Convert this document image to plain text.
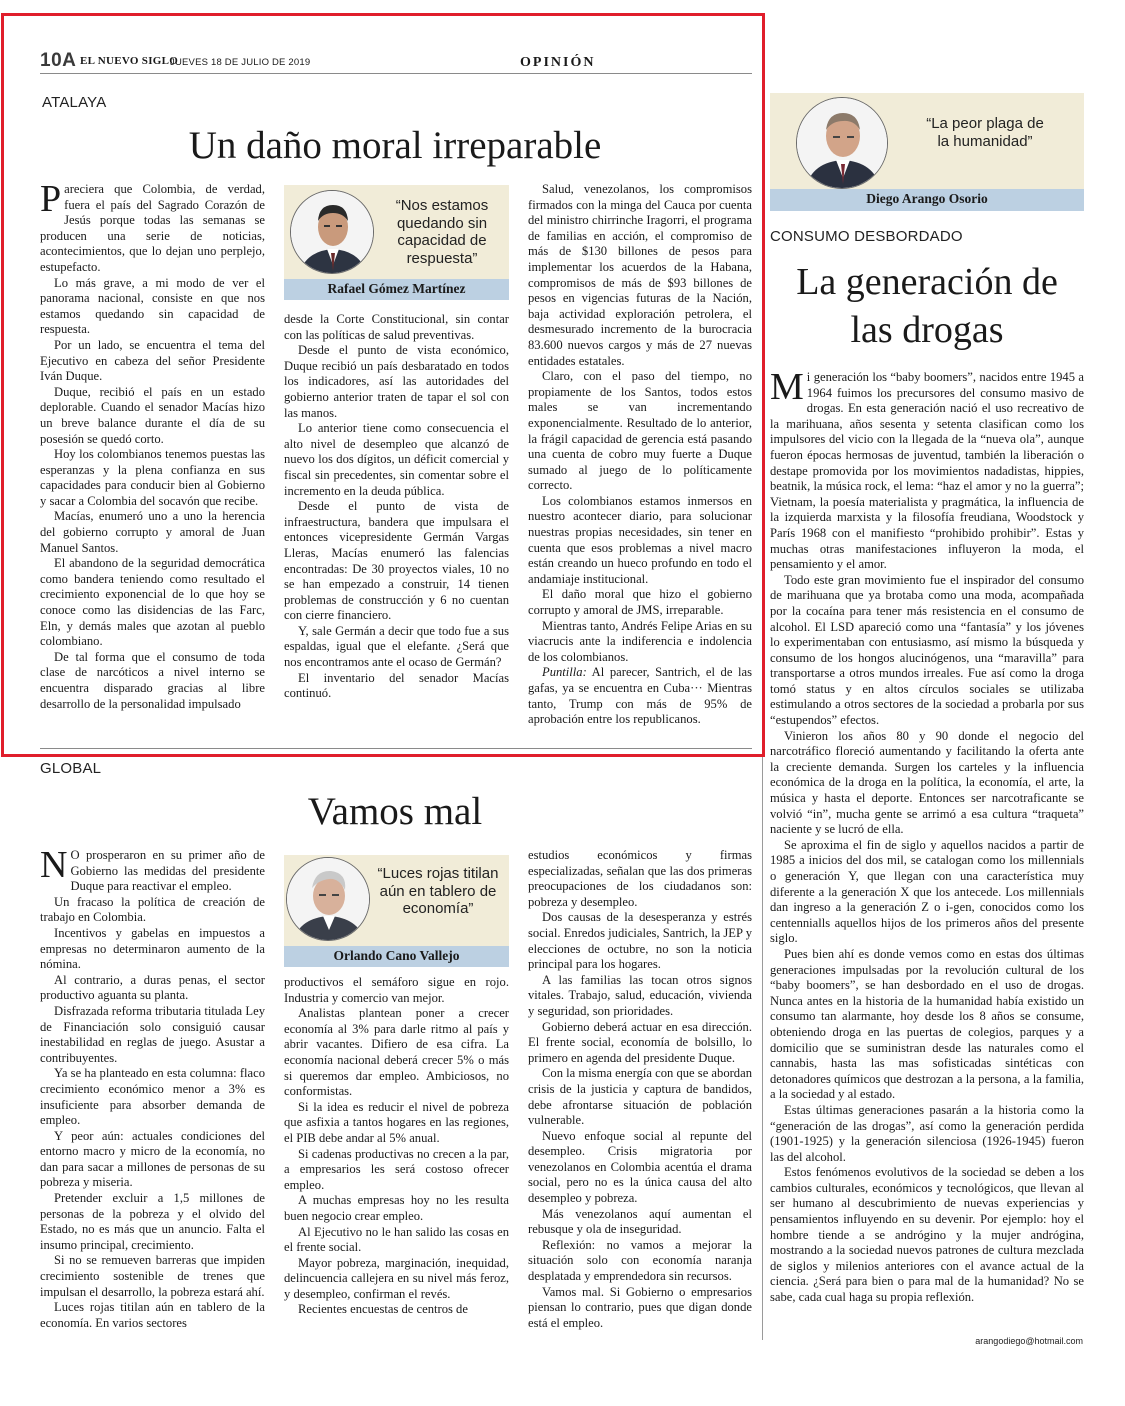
10A EL NUEVO SIGLO
JUEVES 18 DE JULIO DE 2019	OPINIÓN
ATALAYA
Un daño moral irreparable

Pareciera que Colombia, de verdad, fuera el país del Sagrado Corazón de Jesús porque todas las semanas se producen una serie de noticias, acontecimientos, que lo dejan uno perplejo, estupefacto.

Lo más grave, a mi modo de ver el panorama nacional, consiste en que nos estamos quedando sin capacidad de respuesta.

Por un lado, se encuentra el tema del Ejecutivo en cabeza del señor Presidente Iván Duque.

Duque, recibió el país en un estado deplorable. Cuando el senador Macías hizo un breve balance durante el día de su posesión se quedó corto.

Hoy los colombianos tenemos puestas las esperanzas y la plena confianza en sus capacidades para conducir bien al Gobierno y sacar a Colombia del socavón que recibe.

Macías, enumeró uno a uno la herencia del gobierno corrupto y amoral de Juan Manuel Santos.

El abandono de la seguridad democrática como bandera teniendo como resultado el crecimiento exponencial de lo que hoy se conoce como las disidencias de las Farc, Eln, y demás males que azotan al pueblo colombiano.

De tal forma que el consumo de toda clase de narcóticos a nivel interno se encuentra disparado gracias al libre desarrollo de la personalidad impulsado

“Nos estamos quedando sin capacidad de respuesta”
Rafael Gómez Martínez

desde la Corte Constitucional, sin contar con las políticas de salud preventivas.

Desde el punto de vista económico, Duque recibió un país desbaratado en todos los indicadores, así las autoridades del gobierno anterior traten de tapar el sol con las manos.

Lo anterior tiene como consecuencia el alto nivel de desempleo que alcanzó de nuevo los dos dígitos, un déficit comercial y fiscal sin precedentes, sin comentar sobre el incremento en la deuda pública.

Desde el punto de vista de infraestructura, bandera que impulsara el entonces vicepresidente Germán Vargas Lleras, Macías enumeró las falencias encontradas: De 30 proyectos viales, 10 no se han empezado a construir, 14 tienen problemas de construcción y 6 no cuentan con cierre financiero.

Y, sale Germán a decir que todo fue a sus espaldas, igual que el elefante. ¿Será que nos encontramos ante el ocaso de Germán?

El inventario del senador Macías continuó.

Salud, venezolanos, los compromisos firmados con la minga del Cauca por cuenta del ministro chirrinche Iragorri, el programa de familias en acción, el compromiso de más de $130 billones de pesos para implementar los acuerdos de la Habana, compromisos de más de $93 billones de pesos en vigencias futuras de la Nación, baja actividad exploración petrolera, el desmesurado incremento de la burocracia 83.600 nuevos cargos y más de 27 nuevas entidades estatales.

Claro, con el paso del tiempo, no propiamente de los Santos, todos estos males se van incrementando exponencialmente. Resultado de lo anterior, la frágil capacidad de gerencia está pasando una cuenta de cobro muy fuerte a Duque sumado al juego de lo políticamente correcto.

Los colombianos estamos inmersos en nuestro acontecer diario, para solucionar nuestras propias necesidades, sin tener en cuenta que esos problemas a nivel macro están creando un hueco profundo en todo el andamiaje institucional.

El daño moral que hizo el gobierno corrupto y amoral de JMS, irreparable.

Mientras tanto, Andrés Felipe Arias en su viacrucis ante la indiferencia e indolencia de los colombianos.

Puntilla: Al parecer, Santrich, el de las gafas, ya se encuentra en Cuba··· Mientras tanto, Trump con más de 95% de aprobación entre los republicanos.

GLOBAL
Vamos mal

N O prosperaron en su primer año de Gobierno las medidas del presidente Duque para reactivar el empleo.

Un fracaso la política de creación de trabajo en Colombia.

Incentivos y gabelas en impuestos a empresas no determinaron aumento de la nómina.

Al contrario, a duras penas, el sector productivo aguanta su planta.

Disfrazada reforma tributaria titulada Ley de Financiación solo consiguió causar inestabilidad en reglas de juego. Asustar a contribuyentes.

Ya se ha planteado en esta columna: flaco crecimiento económico menor a 3% es insuficiente para absorber demanda de empleo.

Y peor aún: actuales condiciones del entorno macro y micro de la economía, no dan para sacar a millones de personas de su pobreza y miseria.

Pretender excluir a 1,5 millones de personas de la pobreza y el olvido del Estado, no es más que un anuncio. Falta el insumo principal, crecimiento.

Si no se remueven barreras que impiden crecimiento sostenible de trenes que impulsan el desarrollo, la pobreza estará ahí.

Luces rojas titilan aún en tablero de la economía. En varios sectores

“Luces rojas titilan aún en tablero de economía”
Orlando Cano Vallejo

productivos el semáforo sigue en rojo. Industria y comercio van mejor.

Analistas plantean poner a crecer economía al 3% para darle ritmo al país y abrir vacantes. Difiero de esa cifra. La economía nacional deberá crecer 5% o más si queremos dar empleo. Ambiciosos, no conformistas.

Si la idea es reducir el nivel de pobreza que asfixia a tantos hogares en las regiones, el PIB debe andar al 5% anual.

Si cadenas productivas no crecen a la par, a empresarios les será costoso ofrecer empleo.

A muchas empresas hoy no les resulta buen negocio crear empleo.

Al Ejecutivo no le han salido las cosas en el frente social.

Mayor pobreza, marginación, inequidad, delincuencia callejera en su nivel más feroz, y desempleo, confirman el revés.

Recientes encuestas de centros de

estudios económicos y firmas especializadas, señalan que las dos primeras preocupaciones de los ciudadanos son: pobreza y desempleo.

Dos causas de la desesperanza y estrés social. Enredos judiciales, Santrich, la JEP y elecciones de octubre, no son la noticia principal para los hogares.

A las familias las tocan otros signos vitales. Trabajo, salud, educación, vivienda y seguridad, son prioridades.

Gobierno deberá actuar en esa dirección. El frente social, economía de bolsillo, lo primero en agenda del presidente Duque.

Con la misma energía con que se abordan crisis de la justicia y captura de bandidos, debe afrontarse situación de población vulnerable.

Nuevo enfoque social al repunte del desempleo. Crisis migratoria por venezolanos en Colombia acentúa el drama social, pero no es la única causa del alto desempleo y pobreza.

Más venezolanos aquí aumentan el rebusque y ola de inseguridad.

Reflexión: no vamos a mejorar la situación solo con economía naranja desplatada y emprendedora sin recursos.

Vamos mal. Si Gobierno o empresarios piensan lo contrario, pues que digan donde está el empleo.

“La peor plaga de la humanidad”
Diego Arango Osorio
CONSUMO DESBORDADO
La generación de las drogas

Mi generación los “baby boomers”, nacidos entre 1945 a 1964 fuimos los precursores del consumo masivo de drogas. En esta generación nació el uso recreativo de la marihuana, años sesenta y setenta clasifican como los impulsores del vicio con la llegada de la “nueva ola”, aunque fueron épocas hermosas de juventud, también la liberación o destape promovida por los movimientos nadadistas, hippies, beatnik, la música rock, el lema: “haz el amor y no la guerra”; Vietnam, la poesía materialista y pragmática, la influencia de la izquierda marxista y la filosofía freudiana, Woodstock y París 1968 con el manifiesto “prohibido prohibir”. Estas y muchas otras manifestaciones influyeron la moda, el pensamiento y el amor.

Todo este gran movimiento fue el inspirador del consumo de marihuana que ya brotaba como una moda, acompañada por la cocaína para tener más resistencia en el consumo de alcohol. El LSD apareció como una “fantasía” y los jóvenes lo experimentaban con entusiasmo, así mismo la búsqueda y consumo de los hongos alucinógenos, una “maravilla” para transportarse a otros mundos irreales. Fue así como la droga tomó status y en altos círculos sociales se utilizaba estimulando a otros sectores de la sociedad a probarla por sus “estupendos” efectos.

Vinieron los años 80 y 90 donde el negocio del narcotráfico floreció aumentando y facilitando la oferta ante la creciente demanda. Surgen los carteles y la influencia económica de la droga en la política, la economía, el arte, la música y hasta el deporte. Entonces ser narcotraficante se volvió “in”, mucha gente se arrimó a esa cultura “traqueta” naciente y se lucró de ella.

Se aproxima el fin de siglo y aquellos nacidos a partir de 1985 a inicios del dos mil, se catalogan como los millennials o generación Y, que llegan con una característica muy diferente a la generación X que los antecede. Los millennials dan ingreso a la generación Z o i-gen, conocidos como los centennialls aquellos hijos de los primeros años del presente siglo.

Pues bien ahí es donde vemos como en estas dos últimas generaciones impulsadas por la revolución cultural de los “baby boomers”, se han desbordado en el uso de drogas. Nunca antes en la historia de la humanidad había existido un consumo tan alarmante, hoy desde los 8 años se consume, obteniendo droga en las puertas de colegios, parques y a domicilio que se suministran desde las naturales como el cannabis, hasta las mas sofisticadas sintéticas con detonadores químicos que destrozan a la persona, a la familia, a la sociedad y al estado.

Estas últimas generaciones pasarán a la historia como la “generación de las drogas”, así como la generación perdida (1901-1925) y la generación silenciosa (1926-1945) fueron las del alcohol.

Estos fenómenos evolutivos de la sociedad se deben a los cambios culturales, económicos y tecnológicos, que llevan al ser humano al descubrimiento de nuevas experiencias y pensamientos influyendo en su devenir. Por ejemplo: hoy el hombre tiende a se andrógino y la mujer andrógina, mostrando a la sociedad nuevos patrones de cultura mezclada de siglos y milenios anteriores con el avance actual de la ciencia. ¿Será para bien o para mal de la humanidad? No se sabe, cada cual haga su propia reflexión.

arangodiego@hotmail.com
